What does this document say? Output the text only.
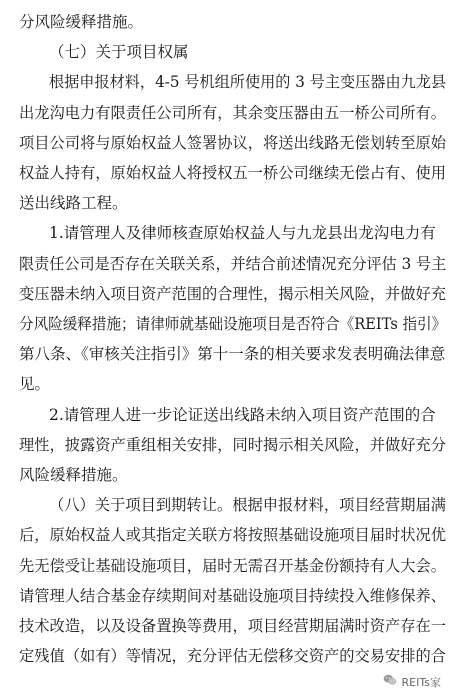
分风险缓释措施。
（七）关于项目权属
根据申报材料，4-5 号机组所使用的 3 号主变压器由九龙县
出龙沟电力有限责任公司所有，其余变压器由五一桥公司所有。
项目公司将与原始权益人签署协议，将送出线路无偿划转至原始
权益人持有，原始权益人将授权五一桥公司继续无偿占有、使用
送出线路工程。
1.请管理人及律师核查原始权益人与九龙县出龙沟电力有
限责任公司是否存在关联关系，并结合前述情况充分评估 3 号主
变压器未纳入项目资产范围的合理性，揭示相关风险，并做好充
分风险缓释措施；请律师就基础设施项目是否符合《REITs 指引》
第八条、《审核关注指引》第十一条的相关要求发表明确法律意
见。
2.请管理人进一步论证送出线路未纳入项目资产范围的合
理性，披露资产重组相关安排，同时揭示相关风险，并做好充分
风险缓释措施。
（八）关于项目到期转让。根据申报材料，项目经营期届满
后，原始权益人或其指定关联方将按照基础设施项目届时状况优
先无偿受让基础设施项目，届时无需召开基金份额持有人大会。
请管理人结合基金存续期间对基础设施项目持续投入维修保养、
技术改造，以及设备置换等费用，项目经营期届满时资产存在一
定残值（如有）等情况，充分评估无偿移交资产的交易安排的合
REITs家
